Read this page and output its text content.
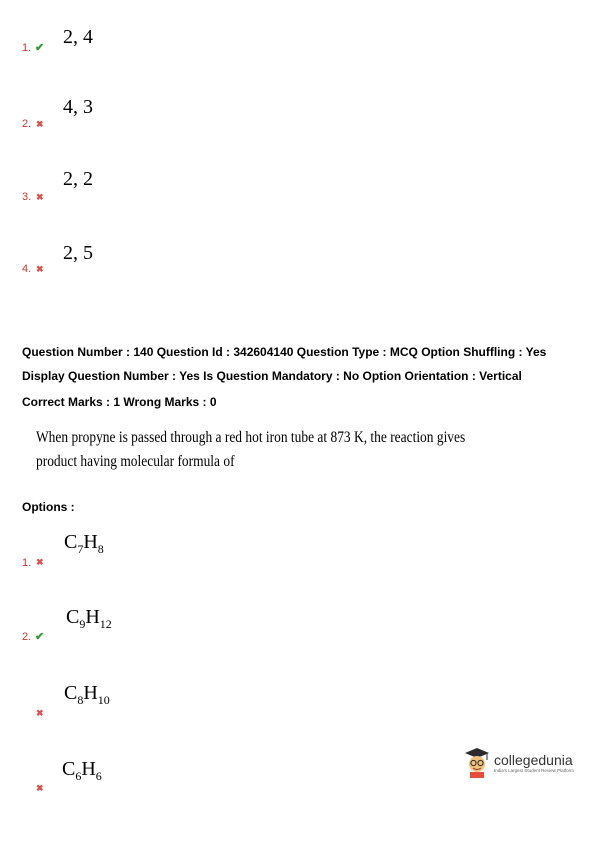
1. ✔ 2, 4
2. ✖
4, 3
3. ✖
2, 2
4. ✖
2, 5
Question Number : 140 Question Id : 342604140 Question Type : MCQ Option Shuffling : Yes
Display Question Number : Yes Is Question Mandatory : No Option Orientation : Vertical
Correct Marks : 1 Wrong Marks : 0
When propyne is passed through a red hot iron tube at 873 K, the reaction gives
product having molecular formula of
Options :
1. ✖
$C_7H_8$
2. ✔
$C_9H_{12}$
✖
$C_8H_{10}$
✖
$C_6H_6$
collegedunia
India's Largest Student Review Platform
